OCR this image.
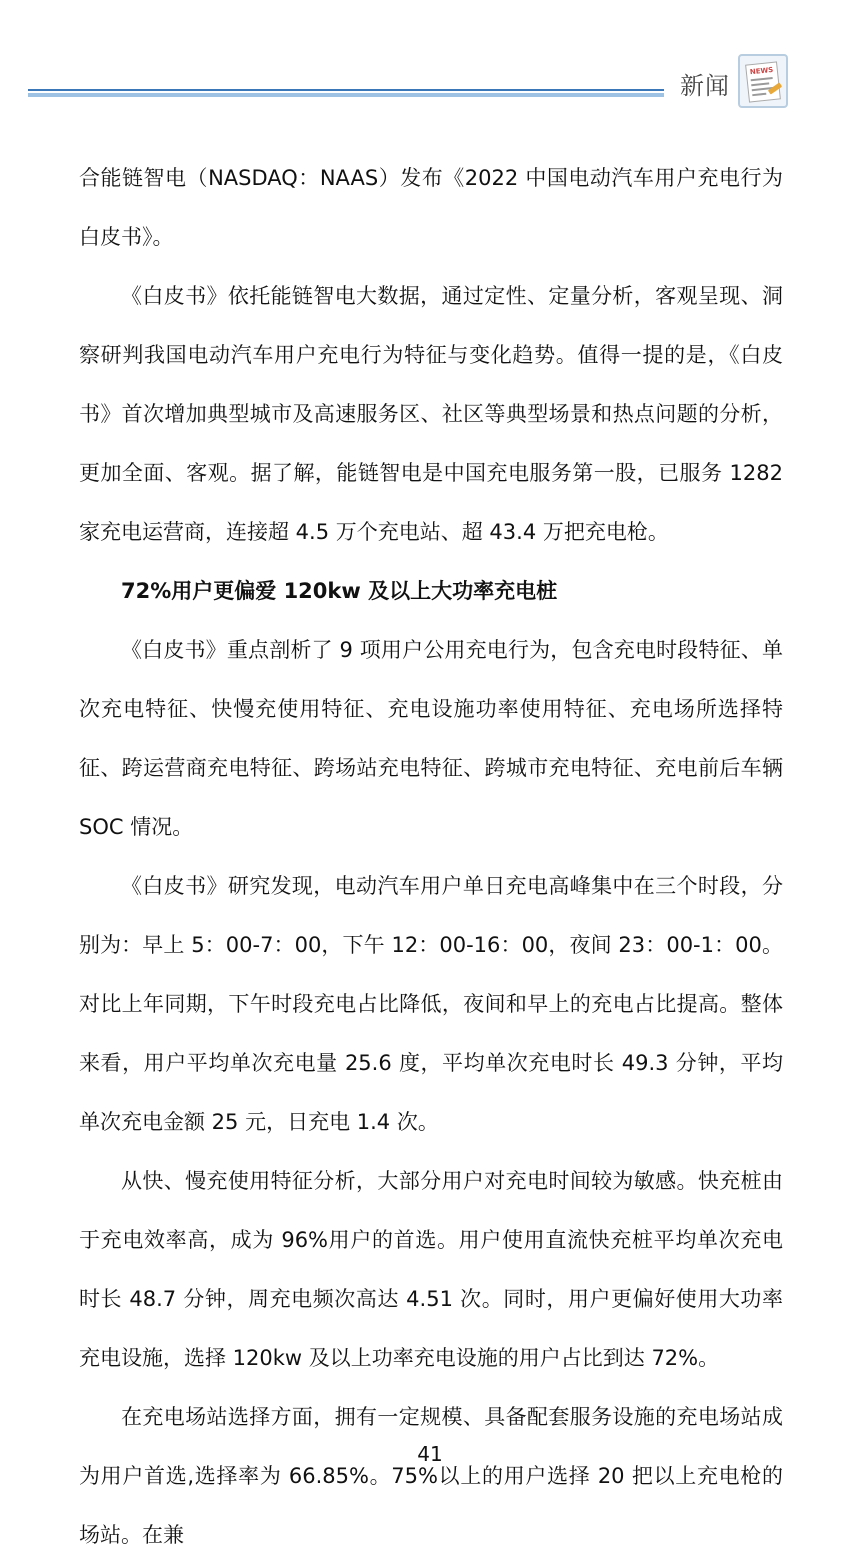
新闻
NEWS

合能链智电（NASDAQ：NAAS）发布《2022 中国电动汽车用户充电行为白皮书》。

《白皮书》依托能链智电大数据，通过定性、定量分析，客观呈现、洞察研判我国电动汽车用户充电行为特征与变化趋势。值得一提的是，《白皮书》首次增加典型城市及高速服务区、社区等典型场景和热点问题的分析，更加全面、客观。据了解，能链智电是中国充电服务第一股，已服务 1282 家充电运营商，连接超 4.5 万个充电站、超 43.4 万把充电枪。

72%用户更偏爱 120kw 及以上大功率充电桩

《白皮书》重点剖析了 9 项用户公用充电行为，包含充电时段特征、单次充电特征、快慢充使用特征、充电设施功率使用特征、充电场所选择特征、跨运营商充电特征、跨场站充电特征、跨城市充电特征、充电前后车辆 SOC 情况。

《白皮书》研究发现，电动汽车用户单日充电高峰集中在三个时段，分别为：早上 5：00-7：00，下午 12：00-16：00，夜间 23：00-1：00。对比上年同期，下午时段充电占比降低，夜间和早上的充电占比提高。整体来看，用户平均单次充电量 25.6 度，平均单次充电时长 49.3 分钟，平均单次充电金额 25 元，日充电 1.4 次。

从快、慢充使用特征分析，大部分用户对充电时间较为敏感。快充桩由于充电效率高，成为 96%用户的首选。用户使用直流快充桩平均单次充电时长 48.7 分钟，周充电频次高达 4.51 次。同时，用户更偏好使用大功率充电设施，选择 120kw 及以上功率充电设施的用户占比到达 72%。

在充电场站选择方面，拥有一定规模、具备配套服务设施的充电场站成为用户首选,选择率为 66.85%。75%以上的用户选择 20 把以上充电枪的场站。在兼

41
